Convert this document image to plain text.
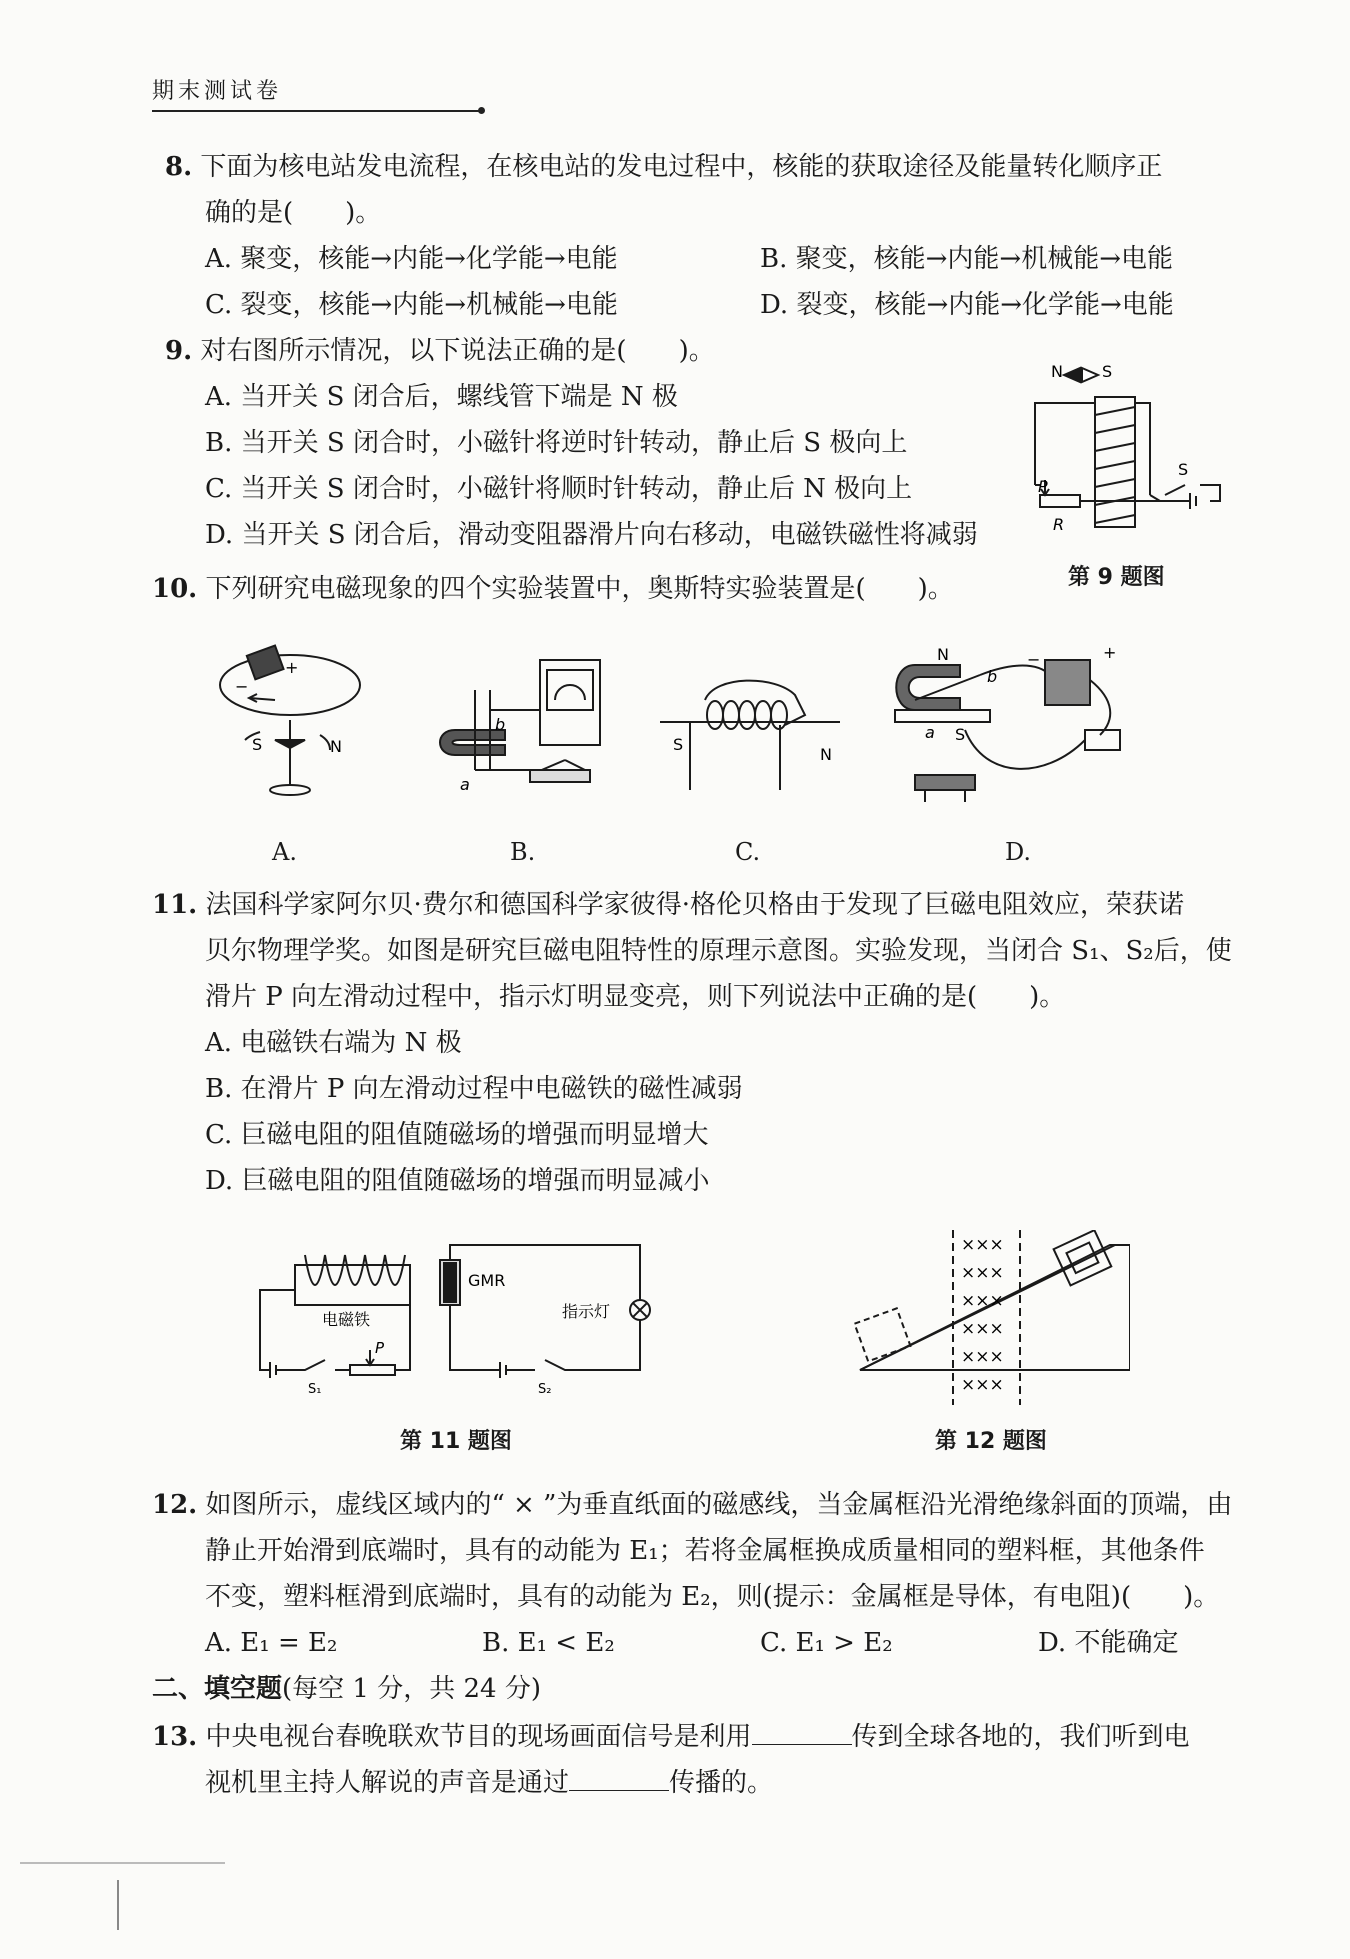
期末测试卷
8. 下面为核电站发电流程，在核电站的发电过程中，核能的获取途径及能量转化顺序正
确的是(　　)。
A. 聚变，核能→内能→化学能→电能	B. 聚变，核能→内能→机械能→电能
C. 裂变，核能→内能→机械能→电能	D. 裂变，核能→内能→化学能→电能
9. 对右图所示情况，以下说法正确的是(　　)。
A. 当开关 S 闭合后，螺线管下端是 N 极
B. 当开关 S 闭合时，小磁针将逆时针转动，静止后 S 极向上
C. 当开关 S 闭合时，小磁针将顺时针转动，静止后 N 极向上
D. 当开关 S 闭合后，滑动变阻器滑片向右移动，电磁铁磁性将减弱
N S
S
P
R
第 9 题图
10. 下列研究电磁现象的四个实验装置中，奥斯特实验装置是(　　)。
+
−
S	N
a
b
S
N
N
S
a
b
−	+
A.	B.	C.	D.
11. 法国科学家阿尔贝·费尔和德国科学家彼得·格伦贝格由于发现了巨磁电阻效应，荣获诺
贝尔物理学奖。如图是研究巨磁电阻特性的原理示意图。实验发现，当闭合 S₁、S₂后，使
滑片 P 向左滑动过程中，指示灯明显变亮，则下列说法中正确的是(　　)。
A. 电磁铁右端为 N 极
B. 在滑片 P 向左滑动过程中电磁铁的磁性减弱
C. 巨磁电阻的阻值随磁场的增强而明显增大
D. 巨磁电阻的阻值随磁场的增强而明显减小
GMR
电磁铁	指示灯
P
S₁	S₂
第 11 题图
×××
×××
×××
×××
×××
×××
第 12 题图
12. 如图所示，虚线区域内的“ × ”为垂直纸面的磁感线，当金属框沿光滑绝缘斜面的顶端，由
静止开始滑到底端时，具有的动能为 E₁；若将金属框换成质量相同的塑料框，其他条件
不变，塑料框滑到底端时，具有的动能为 E₂，则(提示：金属框是导体，有电阻)(　　)。
A. E₁ = E₂	B. E₁ < E₂	C. E₁ > E₂	D. 不能确定
二、填空题(每空 1 分，共 24 分)
13. 中央电视台春晚联欢节目的现场画面信号是利用	传到全球各地的，我们听到电
视机里主持人解说的声音是通过	传播的。
